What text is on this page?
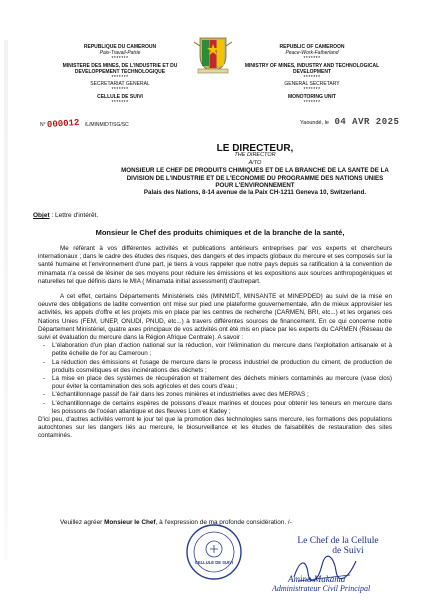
REPUBLIQUE DU CAMEROUN
Paix-Travail-Patrie
*******
MINISTERE DES MINES, DE L'INDUSTRIE ET DU DEVELOPPEMENT TECHNOLOGIQUE
*******
SECRETARIAT GENERAL
*******
CELLULE DE SUIVI
*******
REPUBLIC OF CAMEROON
Peace-Work-Fatherland
*******
MINISTRY OF MINES, INDUSTRY AND TECHNOLOGICAL DEVELOPMENT
*******
GENERAL SECRETARY
*******
MONOTORING UNIT
*******
N° 000012 /L/MINMIDT/SG/SC	Yaoundé, le 04 AVR 2025
LE DIRECTEUR,
THE DIRECTOR
A/TO
MONSIEUR LE CHEF DE PRODUITS CHIMIQUES ET DE LA BRANCHE DE LA SANTE DE LA DIVISION DE L'INDUSTRIE ET DE L'ECONOMIE DU PROGRAMME DES NATIONS UNIES POUR L'ENVIRONNEMENT
Palais des Nations, 8-14 avenue de la Paix CH-1211 Geneva 10, Switzerland.
Objet : Lettre d'intérêt.
Monsieur le Chef des produits chimiques et de la branche de la santé,

Me référant à vos différentes activités et publications antérieurs entreprises par vos experts et chercheurs internationaux ; dans le cadre des études des risques, des dangers et des impacts globaux du mercure et ses composés sur la santé humaine et l'environnement d'une part, je tiens à vous rappeler que notre pays depuis sa ratification à la convention de minamata n'a cessé de lésiner de ses moyens pour réduire les émissions et les expositions aux sources anthropogéniques et naturelles tel que définis dans le MIA ( Minamata initial assessment) d'autrepart.

A cet effet, certains Départements Ministériels clés (MINMIDT, MINSANTE et MINEPDED) au suivi de la mise en oeuvre des obligations de ladite convention ont mise sur pied une plateforme gouvernementale, afin de mieux approvisier les activités, les appels d'offre et les projets mis en place par les centres de recherche (CARMEN, BRI, etc...) et les organes ces Nations Unies (FEM, UNEP, ONUDI, PNUD, etc...) à travers différentes sources de financement. En ce qui concerne notre Département Ministériel, quatre axes principaux de vos activités ont été mis en place par les experts du CARMEN (Réseau de suivi et évaluation du mercure dans la Région Afrique Centrale). A savoir :

- L'élaboration d'un plan d'action national sur la réduction, voir l'élimination du mercure dans l'exploitation artisanale et à petite échelle de l'or au Cameroun ;
- La réduction des émissions et l'usage de mercure dans le process industriel de production du ciment, de production de produits cosmétiques et des incinérations des déchets ;
- La mise en place des systèmes de récupération et traitement des déchets miniers contaminés au mercure (vase clos) pour éviter la contamination des sols agricoles et des cours d'eau ;
- L'échantillonnage passif de l'air dans les zones minières et industrielles avec des MERPAS ;
- L'échantillonnage de certains espères de poissons d'eaux marines et douces pour obtenir les teneurs en mercure dans les poissons de l'océan atlantique et des fleuves Lom et Kadey ;

D'ici peu, d'autres activités verront le jour tel que la promotion des technologies sans mercure, les formations des populations autochtones sur les dangers liés au mercure, le biosurveillance et les études de faisabilités de restauration des sites contaminés.

Veuillez agréer Monsieur le Chef, à l'expression de ma profonde considération. /-
CELLULE DE SUIVI
Le Chef de la Cellule
de Suivi
Amina Makama
Administrateur Civil Principal
